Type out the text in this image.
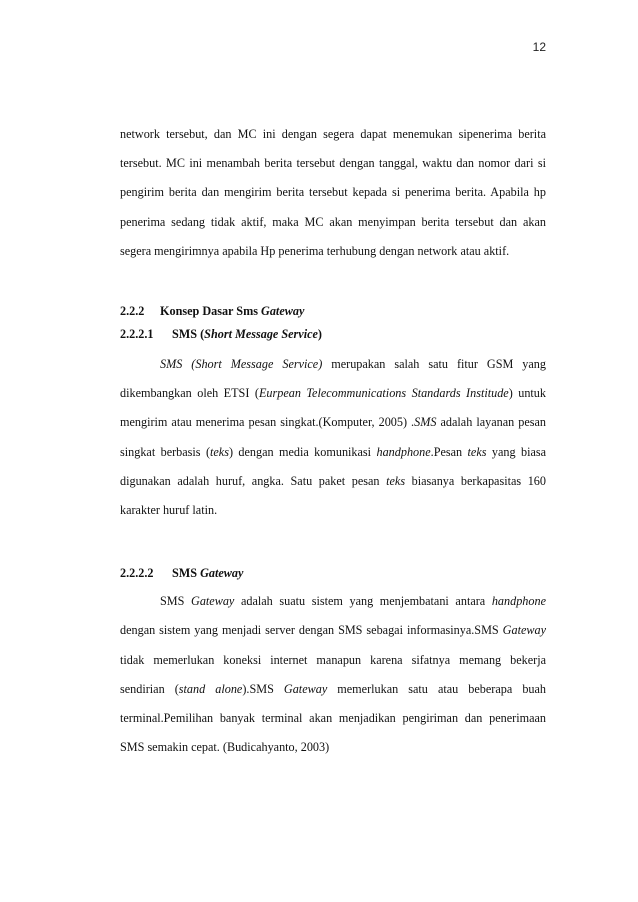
12

network tersebut, dan MC ini dengan segera dapat menemukan sipenerima berita tersebut. MC ini menambah berita tersebut dengan tanggal, waktu dan nomor dari si pengirim berita dan mengirim berita tersebut kepada si penerima berita. Apabila hp penerima sedang tidak aktif, maka MC akan menyimpan berita tersebut dan akan segera mengirimnya apabila Hp penerima terhubung dengan network atau aktif.

2.2.2 Konsep Dasar Sms Gateway

2.2.2.1 SMS (Short Message Service)

SMS (Short Message Service) merupakan salah satu fitur GSM yang dikembangkan oleh ETSI (Eurpean Telecommunications Standards Institude) untuk mengirim atau menerima pesan singkat.(Komputer, 2005) .SMS adalah layanan pesan singkat berbasis (teks) dengan media komunikasi handphone.Pesan teks yang biasa digunakan adalah huruf, angka. Satu paket pesan teks biasanya berkapasitas 160 karakter huruf latin.

2.2.2.2 SMS Gateway

SMS Gateway adalah suatu sistem yang menjembatani antara handphone dengan sistem yang menjadi server dengan SMS sebagai informasinya.SMS Gateway tidak memerlukan koneksi internet manapun karena sifatnya memang bekerja sendirian (stand alone).SMS Gateway memerlukan satu atau beberapa buah terminal.Pemilihan banyak terminal akan menjadikan pengiriman dan penerimaan SMS semakin cepat. (Budicahyanto, 2003)
